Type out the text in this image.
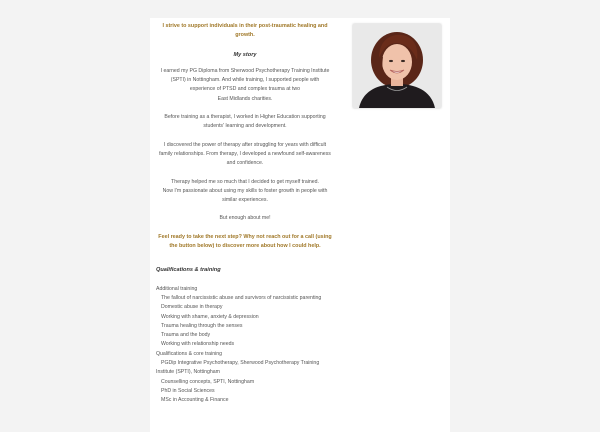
I strive to support individuals in their post-traumatic healing and
growth.
My story

I earned my PG Diploma from Sherwood Psychotherapy Training Institute

(SPTI) in Nottingham. And while training, I supported people with

experience of PTSD and complex trauma at two

East Midlands charities.

Before training as a therapist, I worked in Higher Education supporting

students' learning and development.

I discovered the power of therapy after struggling for years with difficult

family relationships. From therapy, I developed a newfound self-awareness

and confidence.

Therapy helped me so much that I decided to get myself trained.

Now I'm passionate about using my skills to foster growth in people with

similar experiences.

But enough about me!

Feel ready to take the next step? Why not reach out for a call (using

the button below) to discover more about how I could help.

Qualifications & training
Additional training
The fallout of narcissistic abuse and survivors of narcissistic parenting
Domestic abuse in therapy
Working with shame, anxiety & depression
Trauma healing through the senses
Trauma and the body
Working with relationship needs
Qualifications & core training
PGDip Integrative Psychotherapy, Sherwood Psychotherapy Training
Institute (SPTI), Nottingham
Counselling concepts, SPTI, Nottingham
PhD in Social Sciences
MSc in Accounting & Finance
